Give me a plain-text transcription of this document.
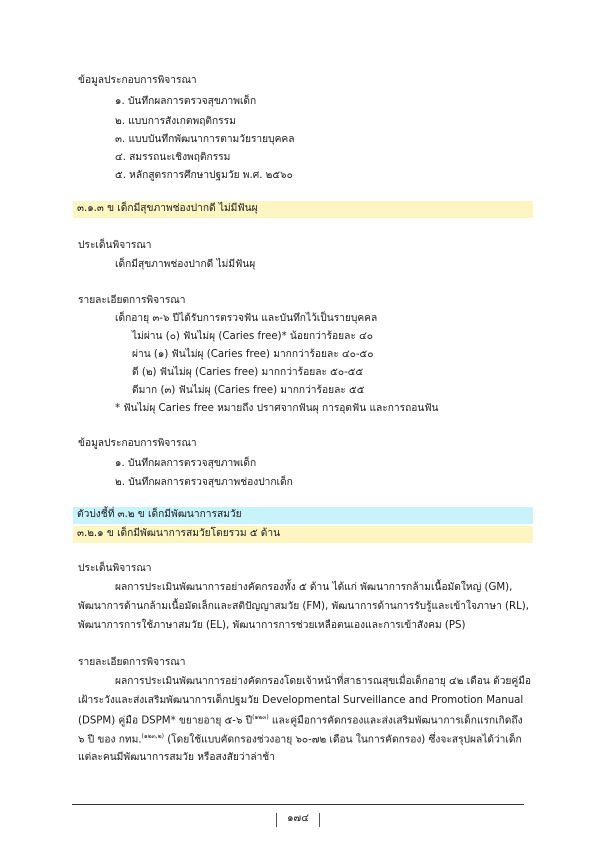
ข้อมูลประกอบการพิจารณา
๑. บันทึกผลการตรวจสุขภาพเด็ก
๒. แบบการสังเกตพฤติกรรม
๓. แบบบันทึกพัฒนาการตามวัยรายบุคคล
๔. สมรรถนะเชิงพฤติกรรม
๕. หลักสูตรการศึกษาปฐมวัย พ.ศ. ๒๕๖๐
๓.๑.๓ ข เด็กมีสุขภาพช่องปากดี ไม่มีฟันผุ
ประเด็นพิจารณา
เด็กมีสุขภาพช่องปากดี ไม่มีฟันผุ
รายละเอียดการพิจารณา
เด็กอายุ ๓-๖ ปีได้รับการตรวจฟัน และบันทึกไว้เป็นรายบุคคล
ไม่ผ่าน (๐) ฟันไม่ผุ (Caries free)* น้อยกว่าร้อยละ ๔๐
ผ่าน (๑) ฟันไม่ผุ (Caries free) มากกว่าร้อยละ ๔๐-๕๐
ดี (๒) ฟันไม่ผุ (Caries free) มากกว่าร้อยละ ๕๐-๕๕
ดีมาก (๓) ฟันไม่ผุ (Caries free) มากกว่าร้อยละ ๕๕
* ฟันไม่ผุ Caries free หมายถึง ปราศจากฟันผุ การอุดฟัน และการถอนฟัน
ข้อมูลประกอบการพิจารณา
๑. บันทึกผลการตรวจสุขภาพเด็ก
๒. บันทึกผลการตรวจสุขภาพช่องปากเด็ก
ตัวบ่งชี้ที่ ๓.๒ ข เด็กมีพัฒนาการสมวัย
๓.๒.๑ ข เด็กมีพัฒนาการสมวัยโดยรวม ๕ ด้าน
ประเด็นพิจารณา
ผลการประเมินพัฒนาการอย่างคัดกรองทั้ง ๕ ด้าน ได้แก่ พัฒนาการกล้ามเนื้อมัดใหญ่ (GM),
พัฒนาการด้านกล้ามเนื้อมัดเล็กและสติปัญญาสมวัย (FM), พัฒนาการด้านการรับรู้และเข้าใจภาษา (RL),
พัฒนาการการใช้ภาษาสมวัย (EL), พัฒนาการการช่วยเหลือตนเองและการเข้าสังคม (PS)
รายละเอียดการพิจารณา
ผลการประเมินพัฒนาการอย่างคัดกรองโดยเจ้าหน้าที่สาธารณสุขเมื่อเด็กอายุ ๔๒ เดือน ด้วยคู่มือ
เฝ้าระวังและส่งเสริมพัฒนาการเด็กปฐมวัย Developmental Surveillance and Promotion Manual
(DSPM) คู่มือ DSPM* ขยายอายุ ๕-๖ ปี$^{(๑๒๓)}$ และคู่มือการคัดกรองและส่งเสริมพัฒนาการเด็กแรกเกิดถึง
๖ ปี ของ กทม.$^{(๑๒๓,๒)}$ (โดยใช้แบบคัดกรองช่วงอายุ ๖๐-๗๒ เดือน ในการคัดกรอง) ซึ่งจะสรุปผลได้ว่าเด็ก
แต่ละคนมีพัฒนาการสมวัย หรือสงสัยว่าล่าช้า
๑๗๔
